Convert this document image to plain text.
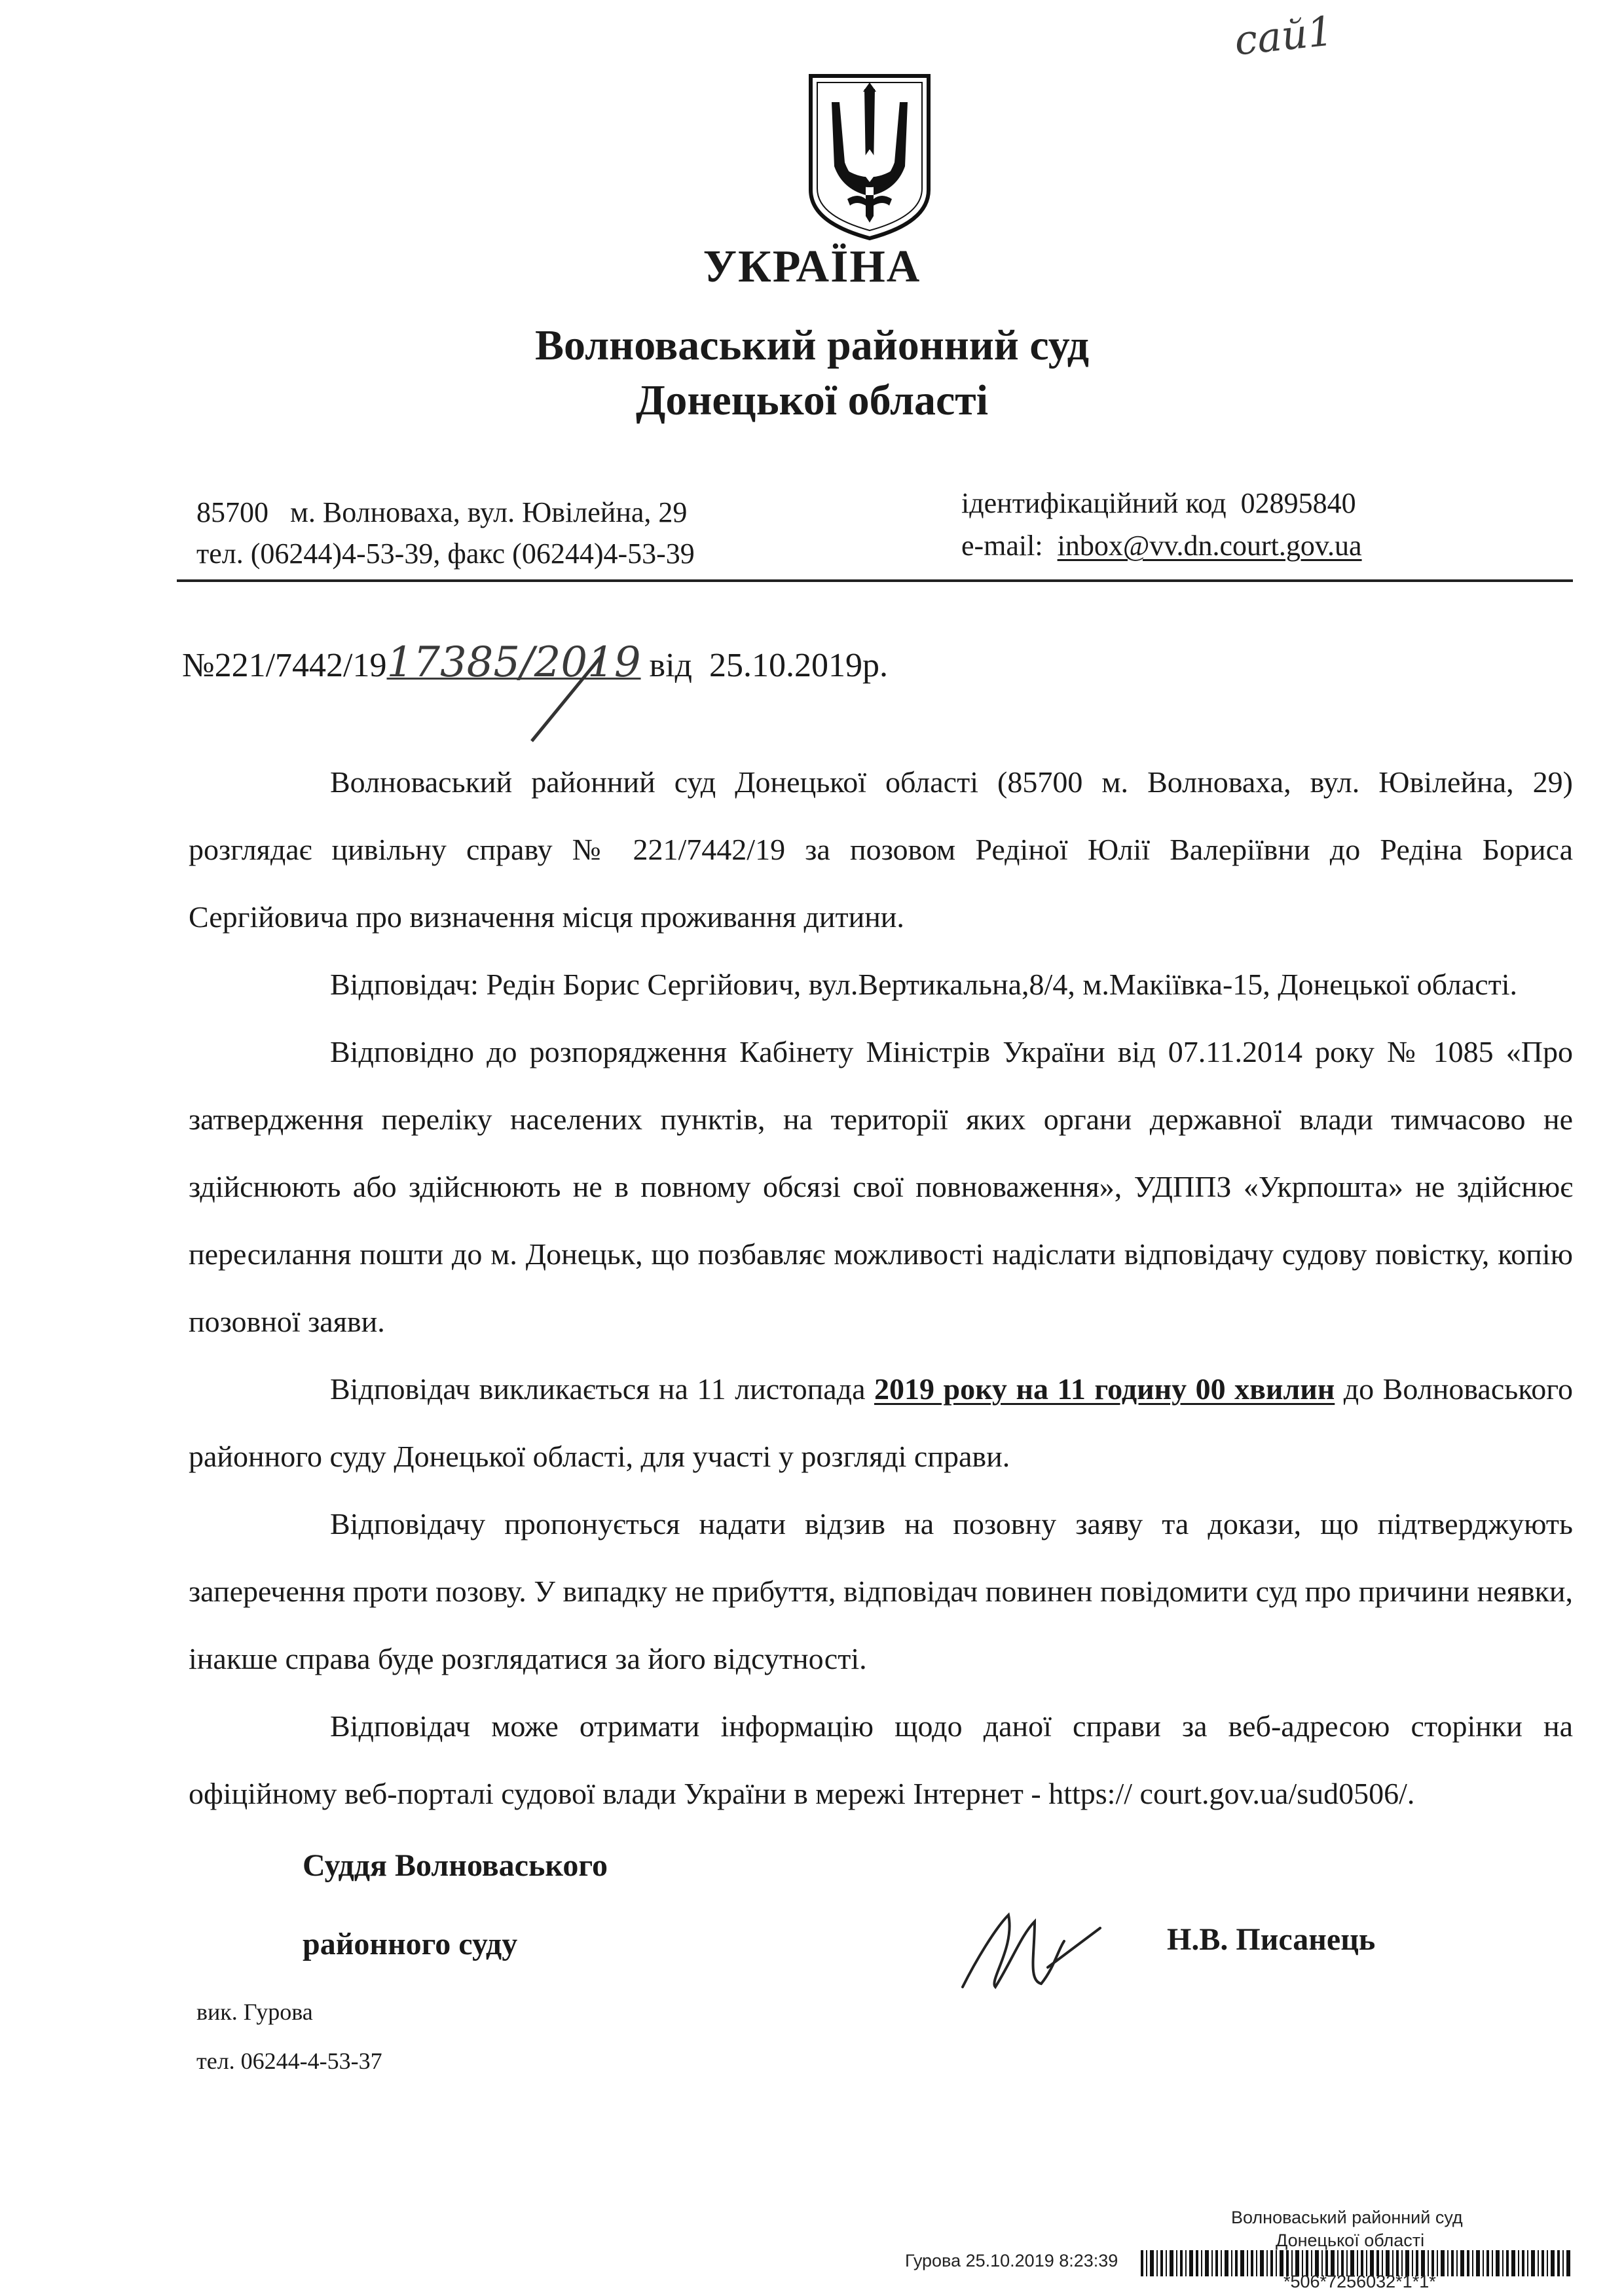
сай1
УКРАЇНА
Волноваський районний суд
Донецької області
85700 м. Волноваха, вул. Ювілейна, 29
тел. (06244)4-53-39, факс (06244)4-53-39
ідентифікаційний код 02895840
e-mail: inbox@vv.dn.court.gov.ua
№221/7442/1917385/2019 від 25.10.2019р.

Волноваський районний суд Донецької області (85700 м. Волноваха, вул. Ювілейна, 29) розглядає цивільну справу № 221/7442/19 за позовом Редіної Юлії Валеріївни до Редіна Бориса Сергійовича про визначення місця проживання дитини.

Відповідач: Редін Борис Сергійович, вул.Вертикальна,8/4, м.Макіївка-15, Донецької області.

Відповідно до розпорядження Кабінету Міністрів України від 07.11.2014 року № 1085 «Про затвердження переліку населених пунктів, на території яких органи державної влади тимчасово не здійснюють або здійснюють не в повному обсязі свої повноваження», УДППЗ «Укрпошта» не здійснює пересилання пошти до м. Донецьк, що позбавляє можливості надіслати відповідачу судову повістку, копію позовної заяви.

Відповідач викликається на 11 листопада 2019 року на 11 годину 00 хвилин до Волноваського районного суду Донецької області, для участі у розгляді справи.

Відповідачу пропонується надати відзив на позовну заяву та докази, що підтверджують заперечення проти позову. У випадку не прибуття, відповідач повинен повідомити суд про причини неявки, інакше справа буде розглядатися за його відсутності.

Відповідач може отримати інформацію щодо даної справи за веб-адресою сторінки на офіційному веб-порталі судової влади України в мережі Інтернет - https:// court.gov.ua/sud0506/.

Суддя Волноваського
районного суду	Н.В. Писанець
вик. Гурова
тел. 06244-4-53-37
Волноваський районний суд
Донецької області
Гурова 25.10.2019 8:23:39
*506*7256032*1*1*
